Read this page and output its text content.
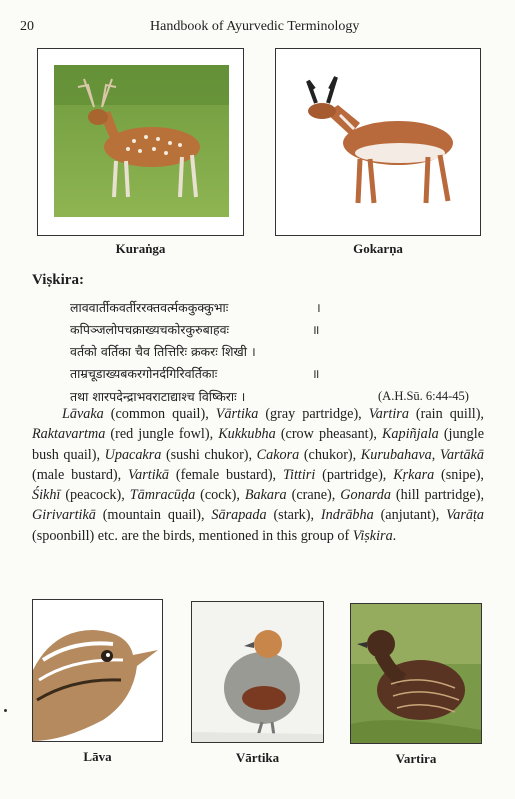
20	Handbook of Ayurvedic Terminology
Kuraṅga	Gokarṇa
Viṣkira:
लाववार्तीकवर्तीररक्तवर्त्मककुक्कुभाः	।
कपिञ्जलोपचक्राख्यचकोरकुरुबाहवः	॥
वर्तको वर्तिका चैव तित्तिरिः क्रकरः शिखी ।
ताम्रचूडाख्यबकरगोनर्दगिरिवर्तिकाः	॥
तथा शारपदेन्द्राभवराटाद्याश्च विष्किराः ।	(A.H.Sū. 6:44-45)
Lāvaka (common quail), Vārtika (gray partridge), Vartira (rain quill), Raktavartma (red jungle fowl), Kukkubha (crow pheasant), Kapiñjala (jungle bush quail), Upacakra (sushi chukor), Cakora (chukor), Kurubahava, Vartākā (male bustard), Vartikā (female bustard), Tittiri (partridge), Kṛkara (snipe), Śikhī (peacock), Tāmracūḍa (cock), Bakara (crane), Gonarda (hill partridge), Girivartikā (mountain quail), Sārapada (stark), Indrābha (anjutant), Varāṭa (spoonbill) etc. are the birds, mentioned in this group of Viṣkira.
Lāva	Vārtika	Vartira
